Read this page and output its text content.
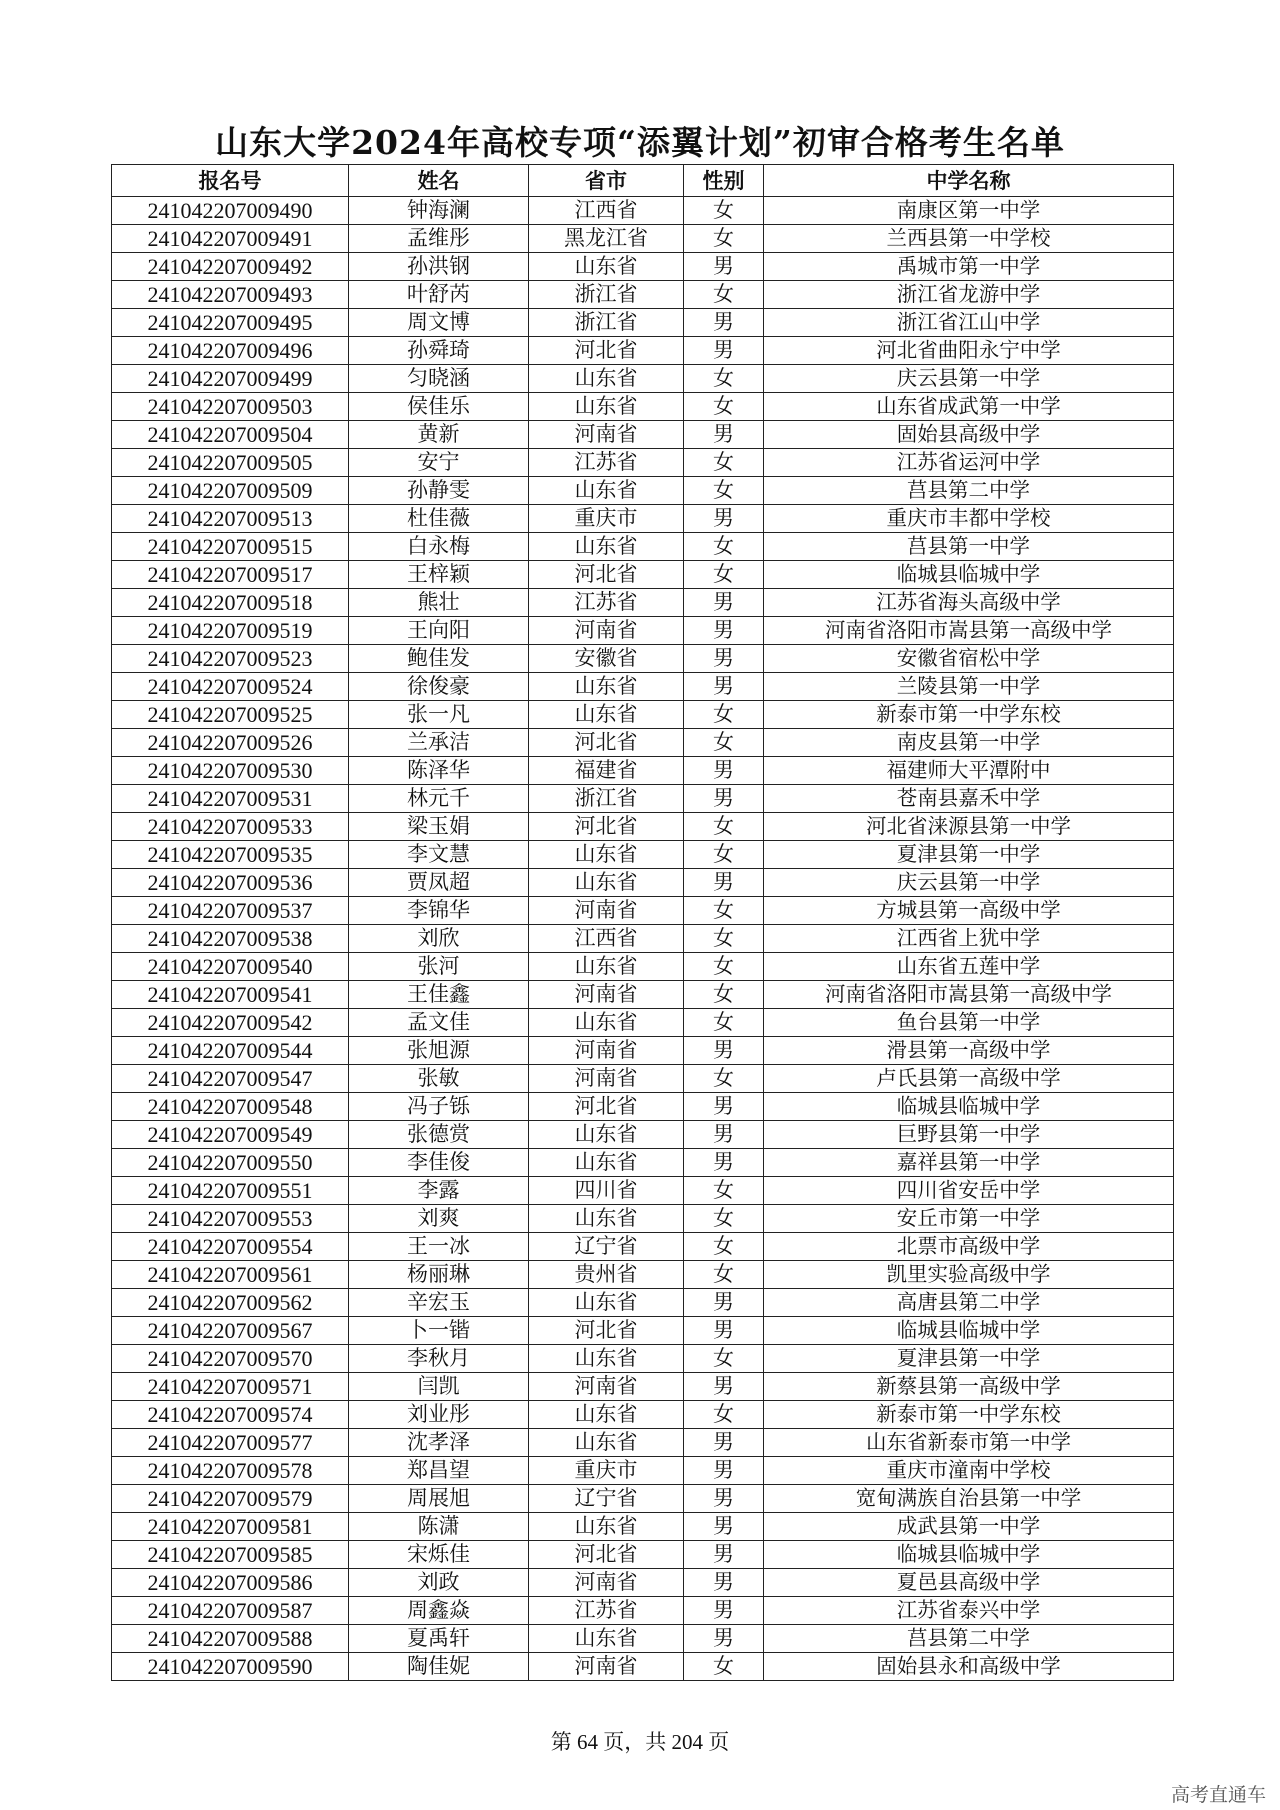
山东大学2024年高校专项“添翼计划”初审合格考生名单
报名号	姓名	省市	性别	中学名称
241042207009490	钟海澜	江西省	女	南康区第一中学
241042207009491	孟维彤	黑龙江省	女	兰西县第一中学校
241042207009492	孙洪钢	山东省	男	禹城市第一中学
241042207009493	叶舒芮	浙江省	女	浙江省龙游中学
241042207009495	周文博	浙江省	男	浙江省江山中学
241042207009496	孙舜琦	河北省	男	河北省曲阳永宁中学
241042207009499	匀晓涵	山东省	女	庆云县第一中学
241042207009503	侯佳乐	山东省	女	山东省成武第一中学
241042207009504	黄新	河南省	男	固始县高级中学
241042207009505	安宁	江苏省	女	江苏省运河中学
241042207009509	孙静雯	山东省	女	莒县第二中学
241042207009513	杜佳薇	重庆市	男	重庆市丰都中学校
241042207009515	白永梅	山东省	女	莒县第一中学
241042207009517	王梓颖	河北省	女	临城县临城中学
241042207009518	熊壮	江苏省	男	江苏省海头高级中学
241042207009519	王向阳	河南省	男	河南省洛阳市嵩县第一高级中学
241042207009523	鲍佳发	安徽省	男	安徽省宿松中学
241042207009524	徐俊豪	山东省	男	兰陵县第一中学
241042207009525	张一凡	山东省	女	新泰市第一中学东校
241042207009526	兰承洁	河北省	女	南皮县第一中学
241042207009530	陈泽华	福建省	男	福建师大平潭附中
241042207009531	林元千	浙江省	男	苍南县嘉禾中学
241042207009533	梁玉娟	河北省	女	河北省涞源县第一中学
241042207009535	李文慧	山东省	女	夏津县第一中学
241042207009536	贾凤超	山东省	男	庆云县第一中学
241042207009537	李锦华	河南省	女	方城县第一高级中学
241042207009538	刘欣	江西省	女	江西省上犹中学
241042207009540	张河	山东省	女	山东省五莲中学
241042207009541	王佳鑫	河南省	女	河南省洛阳市嵩县第一高级中学
241042207009542	孟文佳	山东省	女	鱼台县第一中学
241042207009544	张旭源	河南省	男	滑县第一高级中学
241042207009547	张敏	河南省	女	卢氏县第一高级中学
241042207009548	冯子铄	河北省	男	临城县临城中学
241042207009549	张德赏	山东省	男	巨野县第一中学
241042207009550	李佳俊	山东省	男	嘉祥县第一中学
241042207009551	李露	四川省	女	四川省安岳中学
241042207009553	刘爽	山东省	女	安丘市第一中学
241042207009554	王一冰	辽宁省	女	北票市高级中学
241042207009561	杨丽琳	贵州省	女	凯里实验高级中学
241042207009562	辛宏玉	山东省	男	高唐县第二中学
241042207009567	卜一锴	河北省	男	临城县临城中学
241042207009570	李秋月	山东省	女	夏津县第一中学
241042207009571	闫凯	河南省	男	新蔡县第一高级中学
241042207009574	刘业彤	山东省	女	新泰市第一中学东校
241042207009577	沈孝泽	山东省	男	山东省新泰市第一中学
241042207009578	郑昌望	重庆市	男	重庆市潼南中学校
241042207009579	周展旭	辽宁省	男	宽甸满族自治县第一中学
241042207009581	陈潇	山东省	男	成武县第一中学
241042207009585	宋烁佳	河北省	男	临城县临城中学
241042207009586	刘政	河南省	男	夏邑县高级中学
241042207009587	周鑫焱	江苏省	男	江苏省泰兴中学
241042207009588	夏禹轩	山东省	男	莒县第二中学
241042207009590	陶佳妮	河南省	女	固始县永和高级中学
第 64 页，共 204 页
高考直通车
